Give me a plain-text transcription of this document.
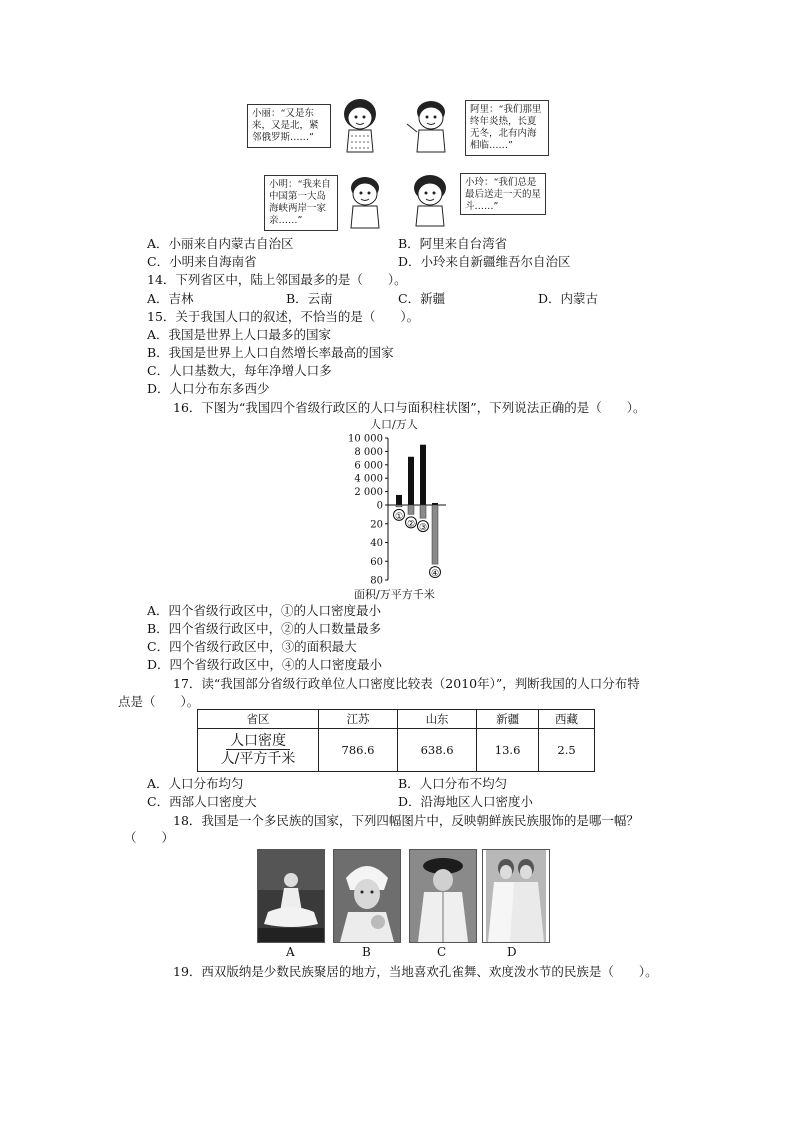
小丽：“又是东来，又是北，紧邻俄罗斯……”
阿里：“我们那里终年炎热，长夏无冬，北有内海相临……”
小明：“我来自中国第一大岛海峡两岸一家亲……”
小玲：“我们总是最后送走一天的星斗……”
A．小丽来自内蒙古自治区	B．阿里来自台湾省
C．小明来自海南省	D．小玲来自新疆维吾尔自治区
14．下列省区中，陆上邻国最多的是（　　）。
A．吉林	B．云南	C．新疆	D．内蒙古
15．关于我国人口的叙述，不恰当的是（　　）。
A．我国是世界上人口最多的国家
B．我国是世界上人口自然增长率最高的国家
C．人口基数大，每年净增人口多
D．人口分布东多西少
16．下图为“我国四个省级行政区的人口与面积柱状图”，下列说法正确的是（　　）。
人口/万人
10 000
8 000
6 000
4 000
2 000
0
20
40
60
80
①
② ③
④
面积/万平方千米
A．四个省级行政区中，①的人口密度最小
B．四个省级行政区中，②的人口数量最多
C．四个省级行政区中，③的面积最大
D．四个省级行政区中，④的人口密度最小
17．读“我国部分省级行政单位人口密度比较表（2010年）”，判断我国的人口分布特
点是（　　）。
省区	江苏	山东	新疆	西藏
$\frac{\text{人口密度}}{\text{人/平方千米}}$	786.6	638.6	13.6	2.5
A．人口分布均匀	B．人口分布不均匀
C．西部人口密度大	D．沿海地区人口密度小
18．我国是一个多民族的国家，下列四幅图片中，反映朝鲜族民族服饰的是哪一幅？
（　　）
A	B	C	D
19．西双版纳是少数民族聚居的地方，当地喜欢孔雀舞、欢度泼水节的民族是（　　）。
